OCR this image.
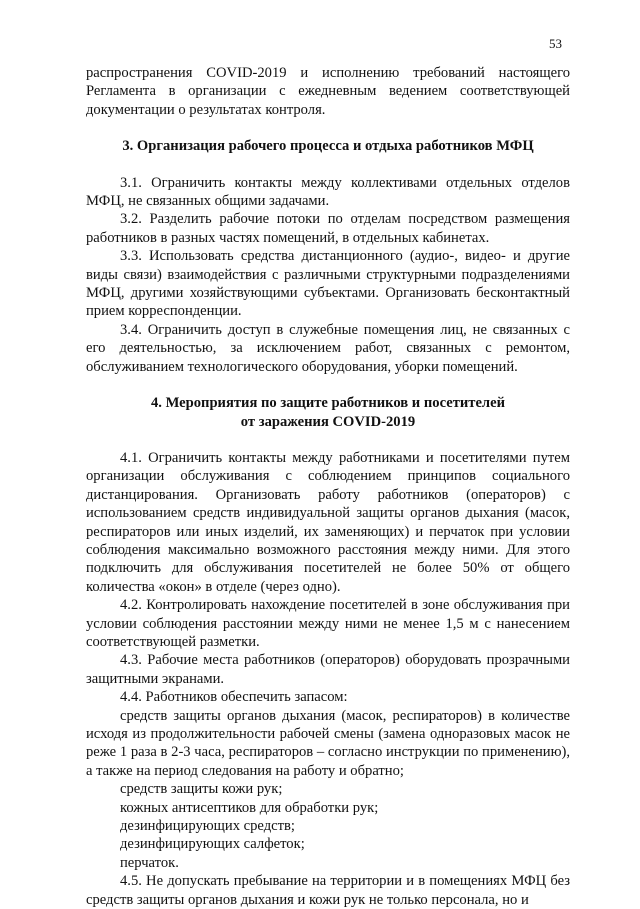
53

распространения COVID-2019 и исполнению требований настоящего Регламента в организации с ежедневным ведением соответствующей документации о результатах контроля.

3. Организация рабочего процесса и отдыха работников МФЦ

3.1. Ограничить контакты между коллективами отдельных отделов МФЦ, не связанных общими задачами.

3.2. Разделить рабочие потоки по отделам посредством размещения работников в разных частях помещений, в отдельных кабинетах.

3.3. Использовать средства дистанционного (аудио-, видео- и другие виды связи) взаимодействия с различными структурными подразделениями МФЦ, другими хозяйствующими субъектами. Организовать бесконтактный прием корреспонденции.

3.4. Ограничить доступ в служебные помещения лиц, не связанных с его деятельностью, за исключением работ, связанных с ремонтом, обслуживанием технологического оборудования, уборки помещений.

4. Мероприятия по защите работников и посетителей
от заражения COVID-2019

4.1. Ограничить контакты между работниками и посетителями путем организации обслуживания с соблюдением принципов социального дистанцирования. Организовать работу работников (операторов) с использованием средств индивидуальной защиты органов дыхания (масок, респираторов или иных изделий, их заменяющих) и перчаток при условии соблюдения максимально возможного расстояния между ними. Для этого подключить для обслуживания посетителей не более 50% от общего количества «окон» в отделе (через одно).

4.2. Контролировать нахождение посетителей в зоне обслуживания при условии соблюдения расстоянии между ними не менее 1,5 м с нанесением соответствующей разметки.

4.3. Рабочие места работников (операторов) оборудовать прозрачными защитными экранами.

4.4. Работников обеспечить запасом:

средств защиты органов дыхания (масок, респираторов) в количестве исходя из продолжительности рабочей смены (замена одноразовых масок не реже 1 раза в 2-3 часа, респираторов – согласно инструкции по применению), а также на период следования на работу и обратно;

средств защиты кожи рук;

кожных антисептиков для обработки рук;

дезинфицирующих средств;

дезинфицирующих салфеток;

перчаток.

4.5. Не допускать пребывание на территории и в помещениях МФЦ без средств защиты органов дыхания и кожи рук не только персонала, но и
